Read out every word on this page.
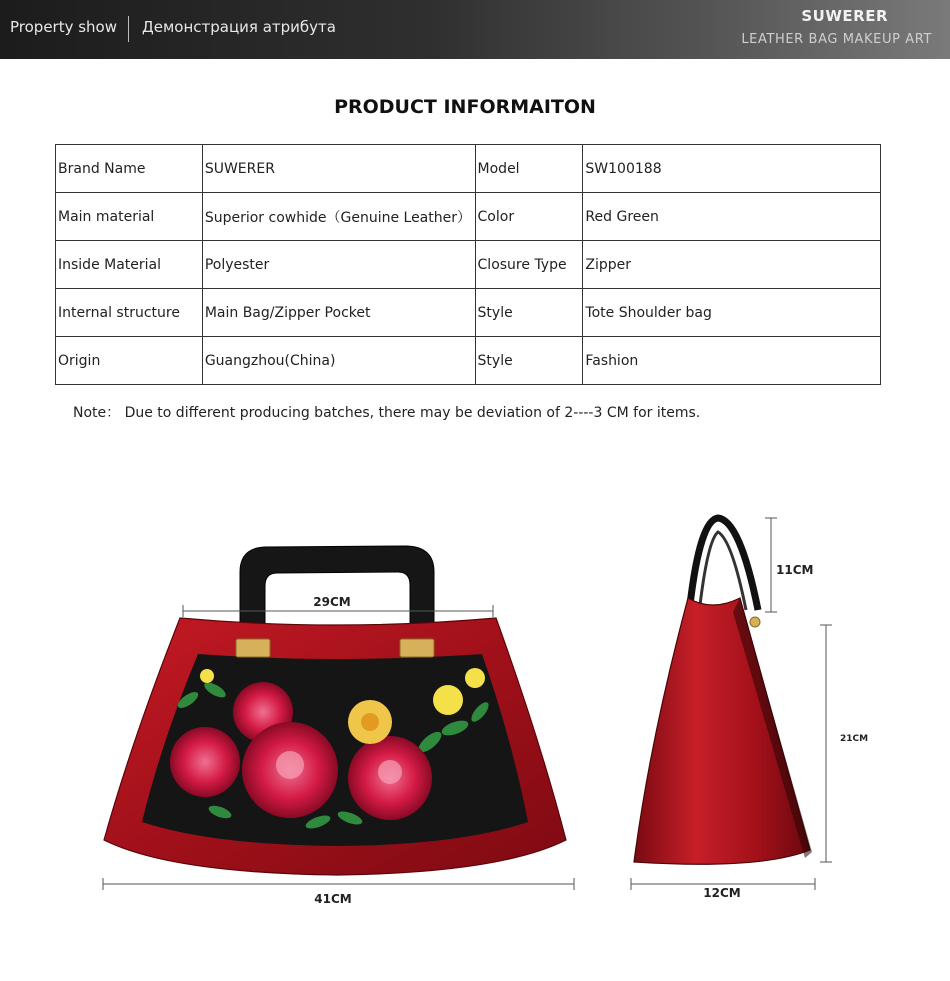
Property show Демонстрация атрибута
SUWERER
LEATHER BAG MAKEUP ART
PRODUCT INFORMAITON
Brand Name	SUWERER	Model	SW100188
Main material	Superior cowhide（Genuine Leather）	Color	Red Green
Inside Material	Polyester	Closure Type	Zipper
Internal structure	Main Bag/Zipper Pocket	Style	Tote Shoulder bag
Origin	Guangzhou(China)	Style	Fashion
Note： Due to different producing batches, there may be deviation of 2----3 CM for items.
29CM
41CM
11CM
21CM
12CM
